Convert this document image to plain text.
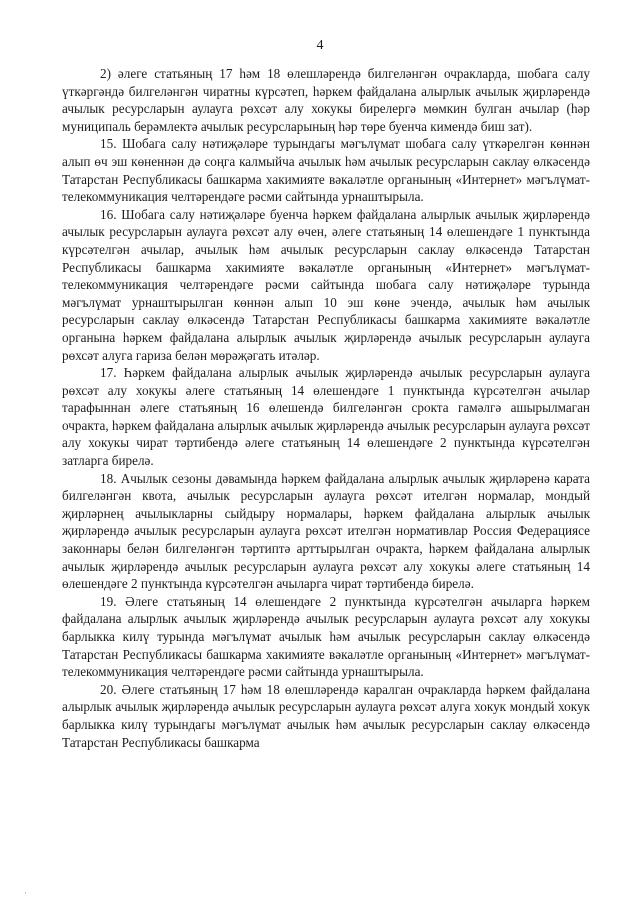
4

2) әлеге статьяның 17 һәм 18 өлешләрендә билгеләнгән очракларда, шобага салу үткәргәндә билгеләнгән чиратны күрсәтеп, һәркем файдалана алырлык ачылык җирләрендә ачылык ресурсларын аулауга рөхсәт алу хокукы бирелергә мөмкин булган ачылар (һәр муниципаль берәмлектә ачылык ресурсларының һәр төре буенча кимендә биш зат).

15. Шобага салу нәтиҗәләре турындагы мәгълүмат шобага салу үткәрелгән көннән алып өч эш көненнән дә соңга калмыйча ачылык һәм ачылык ресурсларын саклау өлкәсендә Татарстан Республикасы башкарма хакимияте вәкаләтле органының «Интернет» мәгълүмат-телекоммуникация челтәрендәге рәсми сайтында урнаштырыла.

16. Шобага салу нәтиҗәләре буенча һәркем файдалана алырлык ачылык җирләрендә ачылык ресурсларын аулауга рөхсәт алу өчен, әлеге статьяның 14 өлешендәге 1 пунктында күрсәтелгән ачылар, ачылык һәм ачылык ресурсларын саклау өлкәсендә Татарстан Республикасы башкарма хакимияте вәкаләтле органының «Интернет» мәгълүмат-телекоммуникация челтәрендәге рәсми сайтында шобага салу нәтиҗәләре турында мәгълүмат урнаштырылган көннән алып 10 эш көне эчендә, ачылык һәм ачылык ресурсларын саклау өлкәсендә Татарстан Республикасы башкарма хакимияте вәкаләтле органына һәркем файдалана алырлык ачылык җирләрендә ачылык ресурсларын аулауга рөхсәт алуга гариза белән мөрәҗәгать итәләр.

17. Һәркем файдалана алырлык ачылык җирләрендә ачылык ресурсларын аулауга рөхсәт алу хокукы әлеге статьяның 14 өлешендәге 1 пунктында күрсәтелгән ачылар тарафыннан әлеге статьяның 16 өлешендә билгеләнгән срокта гамәлгә ашырылмаган очракта, һәркем файдалана алырлык ачылык җирләрендә ачылык ресурсларын аулауга рөхсәт алу хокукы чират тәртибендә әлеге статьяның 14 өлешендәге 2 пунктында күрсәтелгән затларга бирелә.

18. Ачылык сезоны дәвамында һәркем файдалана алырлык ачылык җирләренә карата билгеләнгән квота, ачылык ресурсларын аулауга рөхсәт ителгән нормалар, мондый җирләрнең ачылыкларны сыйдыру нормалары, һәркем файдалана алырлык ачылык җирләрендә ачылык ресурсларын аулауга рөхсәт ителгән нормативлар Россия Федерациясе законнары белән билгеләнгән тәртиптә арттырылган очракта, һәркем файдалана алырлык ачылык җирләрендә ачылык ресурсларын аулауга рөхсәт алу хокукы әлеге статьяның 14 өлешендәге 2 пунктында күрсәтелгән ачыларга чират тәртибендә бирелә.

19. Әлеге статьяның 14 өлешендәге 2 пунктында күрсәтелгән ачыларга һәркем файдалана алырлык ачылык җирләрендә ачылык ресурсларын аулауга рөхсәт алу хокукы барлыкка килү турында мәгълүмат ачылык һәм ачылык ресурсларын саклау өлкәсендә Татарстан Республикасы башкарма хакимияте вәкаләтле органының «Интернет» мәгълүмат-телекоммуникация челтәрендәге рәсми сайтында урнаштырыла.

20. Әлеге статьяның 17 һәм 18 өлешләрендә каралган очракларда һәркем файдалана алырлык ачылык җирләрендә ачылык ресурсларын аулауга рөхсәт алуга хокук мондый хокук барлыкка килү турындагы мәгълүмат ачылык һәм ачылык ресурсларын саклау өлкәсендә Татарстан Республикасы башкарма

·
